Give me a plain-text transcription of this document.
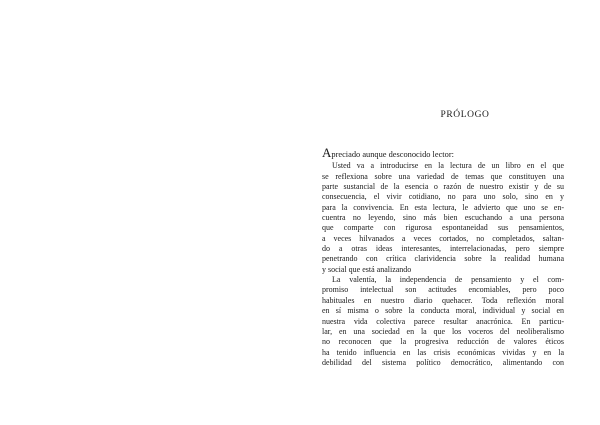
PRÓLOGO
Apreciado aunque desconocido lector:
Usted va a introducirse en la lectura de un libro en el que
se reflexiona sobre una variedad de temas que constituyen una
parte sustancial de la esencia o razón de nuestro existir y de su
consecuencia, el vivir cotidiano, no para uno solo, sino en y
para la convivencia. En esta lectura, le advierto que uno se en-
cuentra no leyendo, sino más bien escuchando a una persona
que comparte con rigurosa espontaneidad sus pensamientos,
a veces hilvanados a veces cortados, no completados, saltan-
do a otras ideas interesantes, interrelacionadas, pero siempre
penetrando con crítica clarividencia sobre la realidad humana
y social que está analizando
La valentía, la independencia de pensamiento y el com-
promiso intelectual son actitudes encomiables, pero poco
habituales en nuestro diario quehacer. Toda reflexión moral
en sí misma o sobre la conducta moral, individual y social en
nuestra vida colectiva parece resultar anacrónica. En particu-
lar, en una sociedad en la que los voceros del neoliberalismo
no reconocen que la progresiva reducción de valores éticos
ha tenido influencia en las crisis económicas vividas y en la
debilidad del sistema político democrático, alimentando con
